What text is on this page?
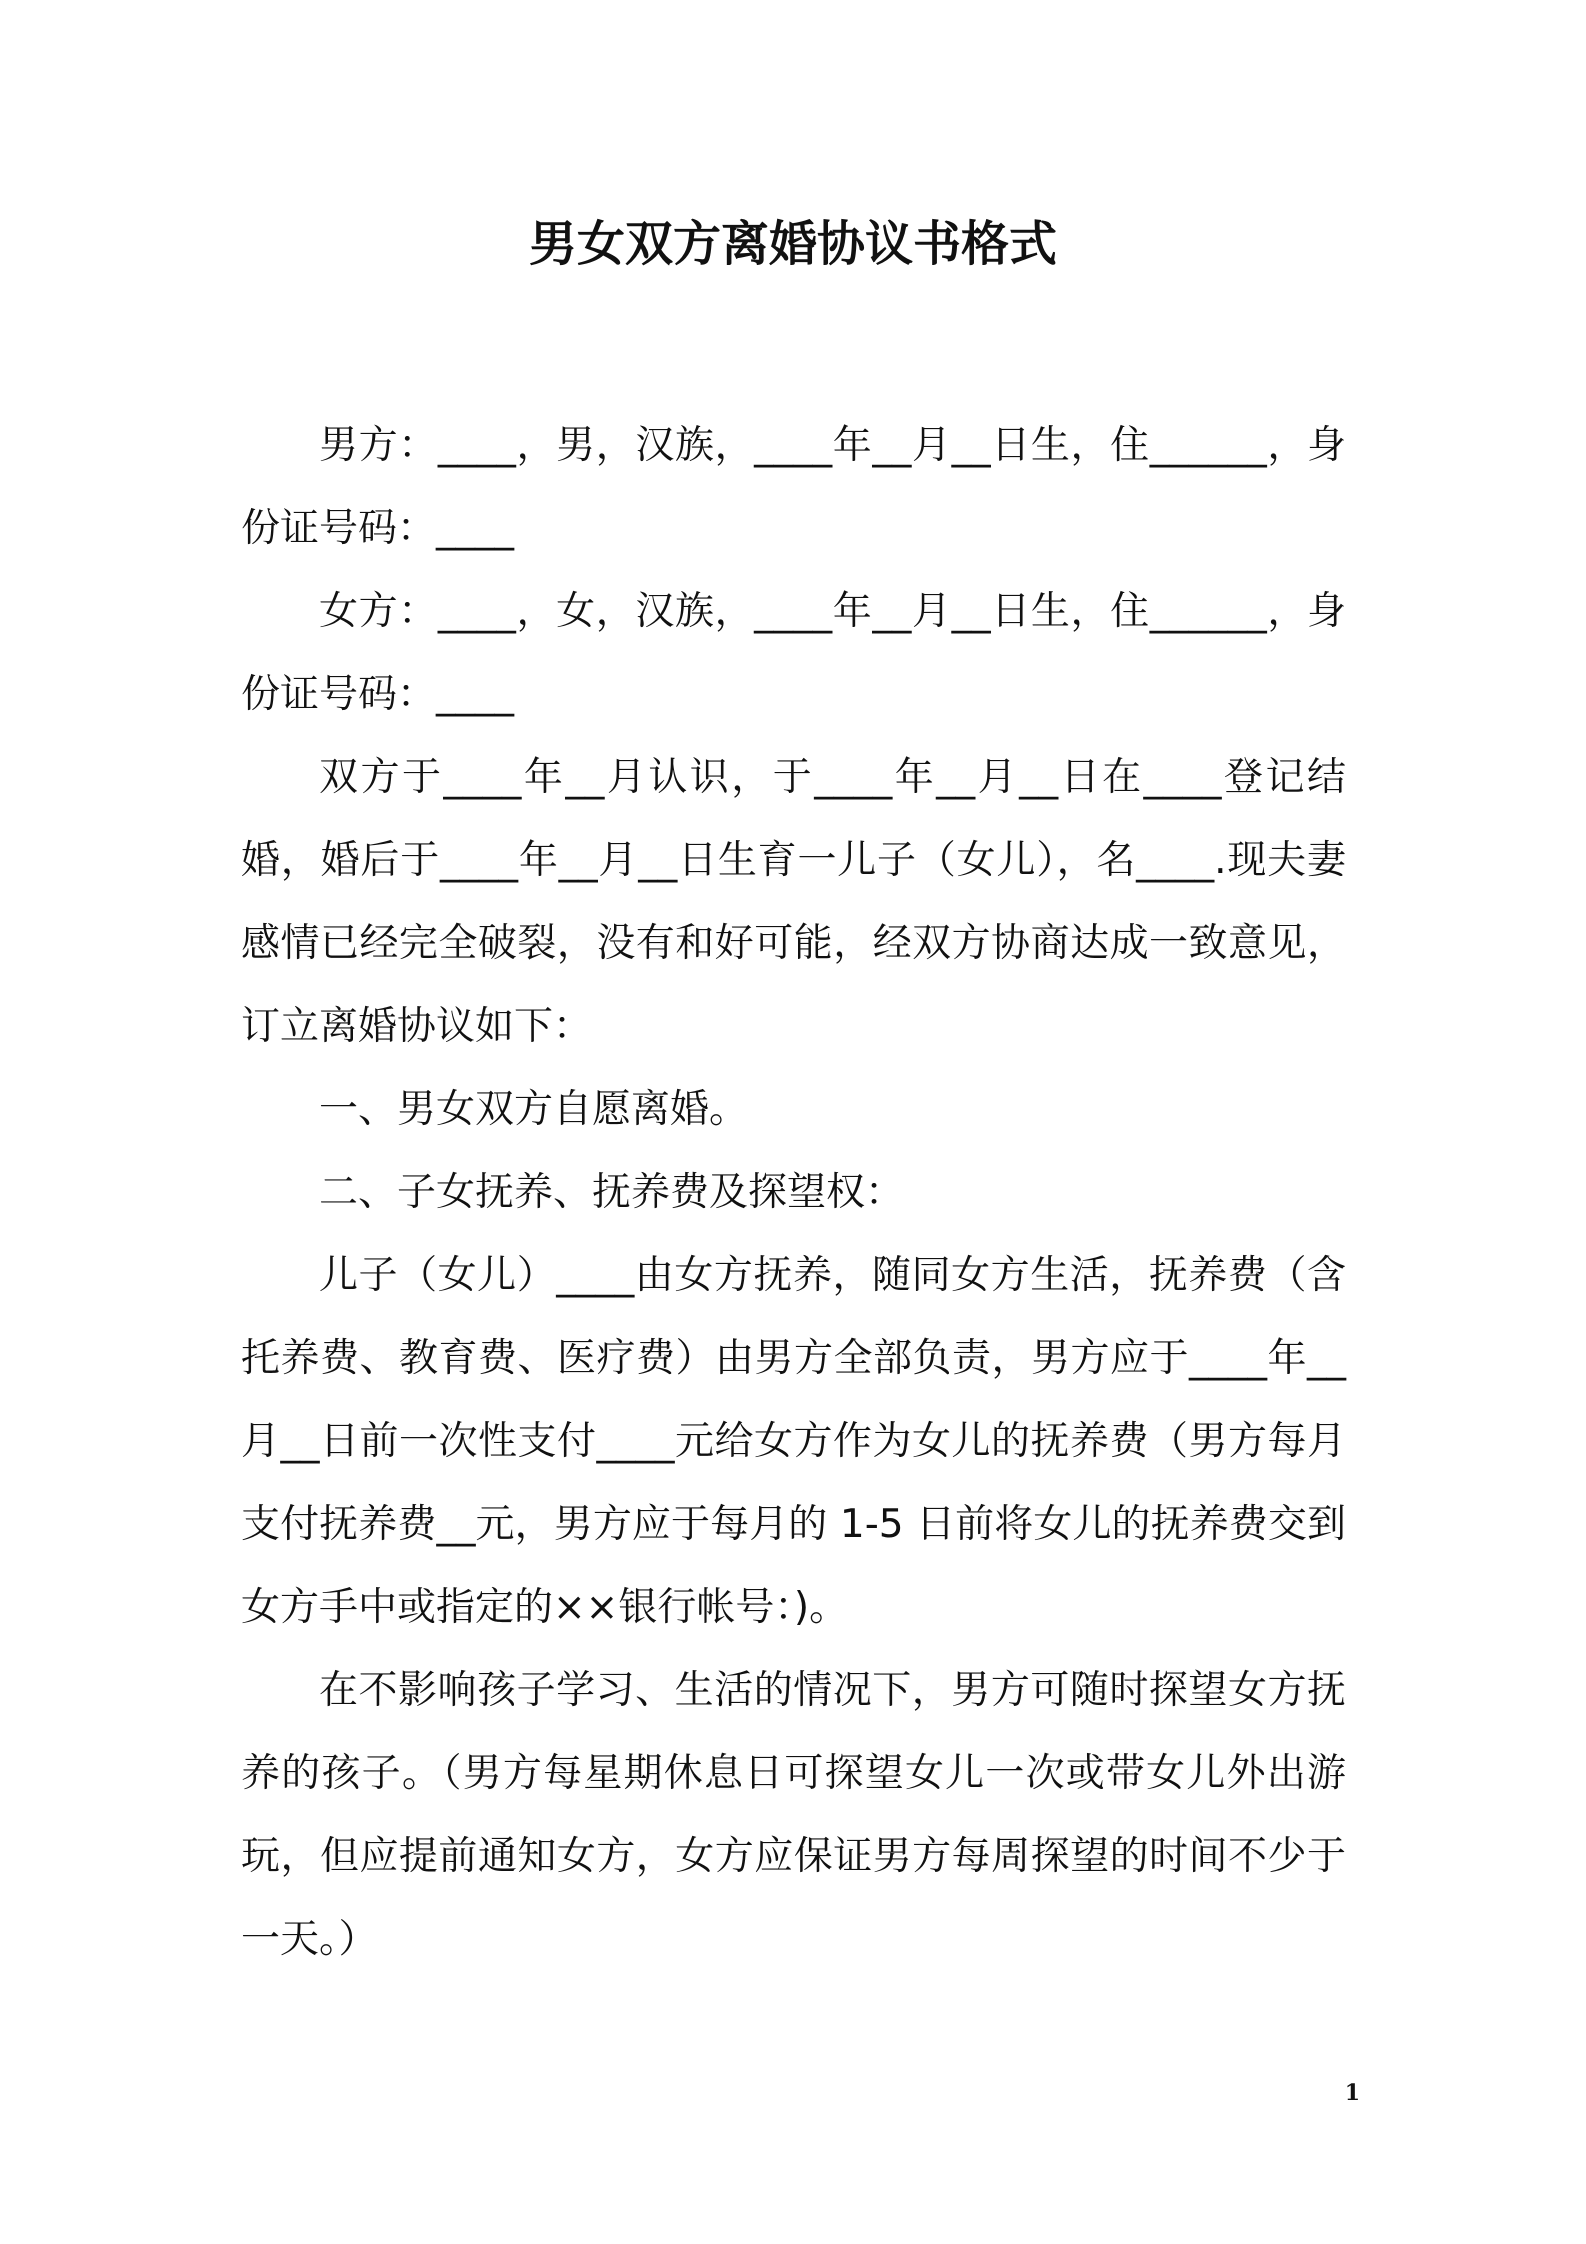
男女双方离婚协议书格式

男方：____，男，汉族，____年__月__日生，住______，身份证号码：____

女方：____，女，汉族，____年__月__日生，住______，身份证号码：____

双方于____年__月认识，于____年__月__日在____登记结婚，婚后于____年__月__日生育一儿子（女儿），名____.现夫妻感情已经完全破裂，没有和好可能，经双方协商达成一致意见，订立离婚协议如下：

一、男女双方自愿离婚。

二、子女抚养、抚养费及探望权：

儿子（女儿）____由女方抚养，随同女方生活，抚养费（含托养费、教育费、医疗费）由男方全部负责，男方应于____年__月__日前一次性支付____元给女方作为女儿的抚养费（男方每月支付抚养费__元，男方应于每月的 1-5 日前将女儿的抚养费交到女方手中或指定的××银行帐号：)。

在不影响孩子学习、生活的情况下，男方可随时探望女方抚养的孩子。（男方每星期休息日可探望女儿一次或带女儿外出游玩，但应提前通知女方，女方应保证男方每周探望的时间不少于一天。）

1
